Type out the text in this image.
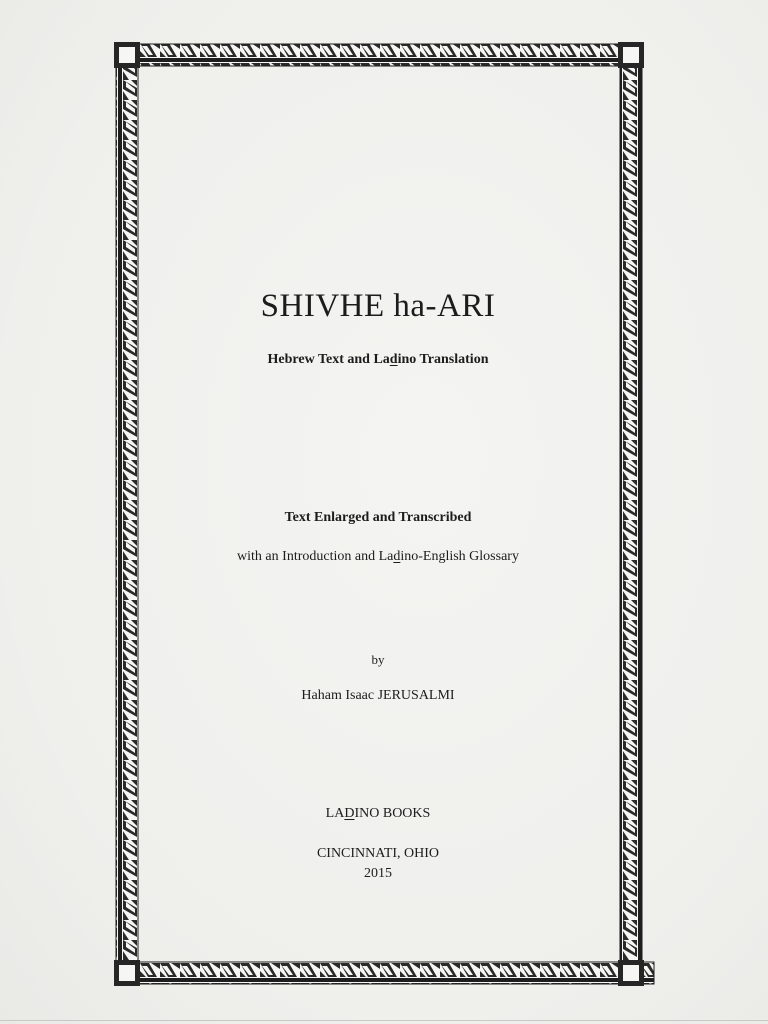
SHIVHE ha-ARI
Hebrew Text and Ladino Translation
Text Enlarged and Transcribed
with an Introduction and Ladino-English Glossary
by
Haham Isaac JERUSALMI
LADINO BOOKS
CINCINNATI, OHIO
2015
